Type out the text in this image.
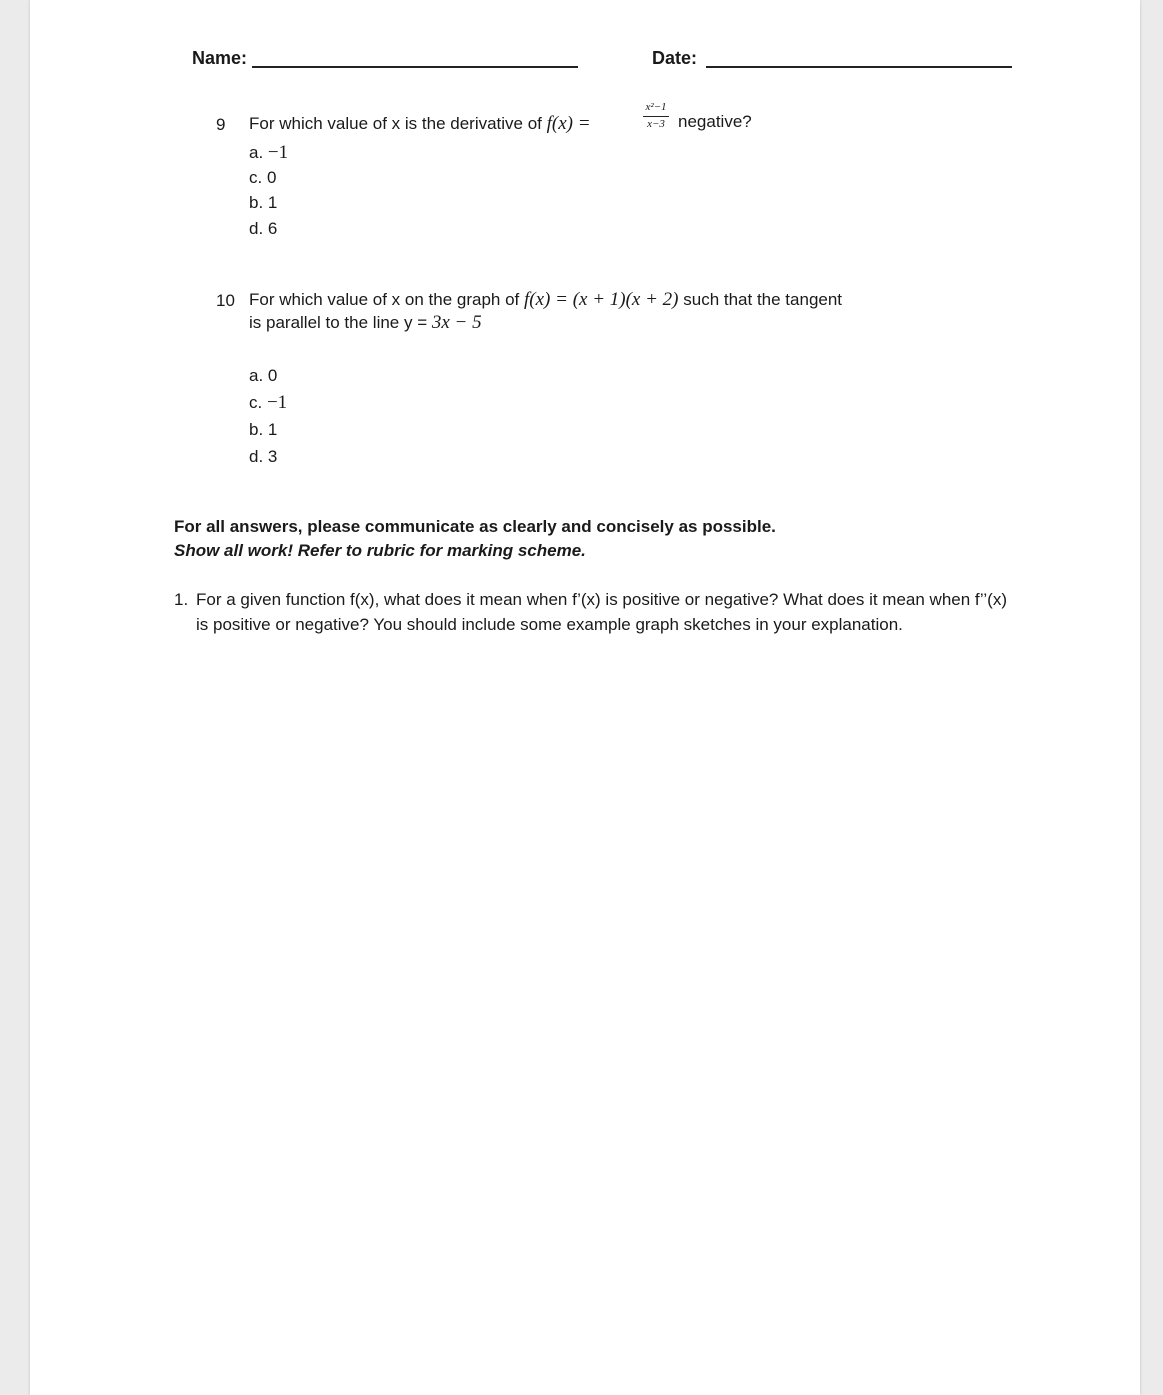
Name:	Date:
9 For which value of x is the derivative of f(x) =
x²−1
x−3 negative?
a. −1
c. 0
b. 1
d. 6
10 For which value of x on the graph of f(x) = (x + 1)(x + 2) such that the tangent
is parallel to the line y = 3x − 5
a. 0
c. −1
b. 1
d. 3
For all answers, please communicate as clearly and concisely as possible.
Show all work! Refer to rubric for marking scheme.
1. For a given function f(x), what does it mean when f’(x) is positive or negative? What does it mean when f’’(x)
is positive or negative? You should include some example graph sketches in your explanation.
